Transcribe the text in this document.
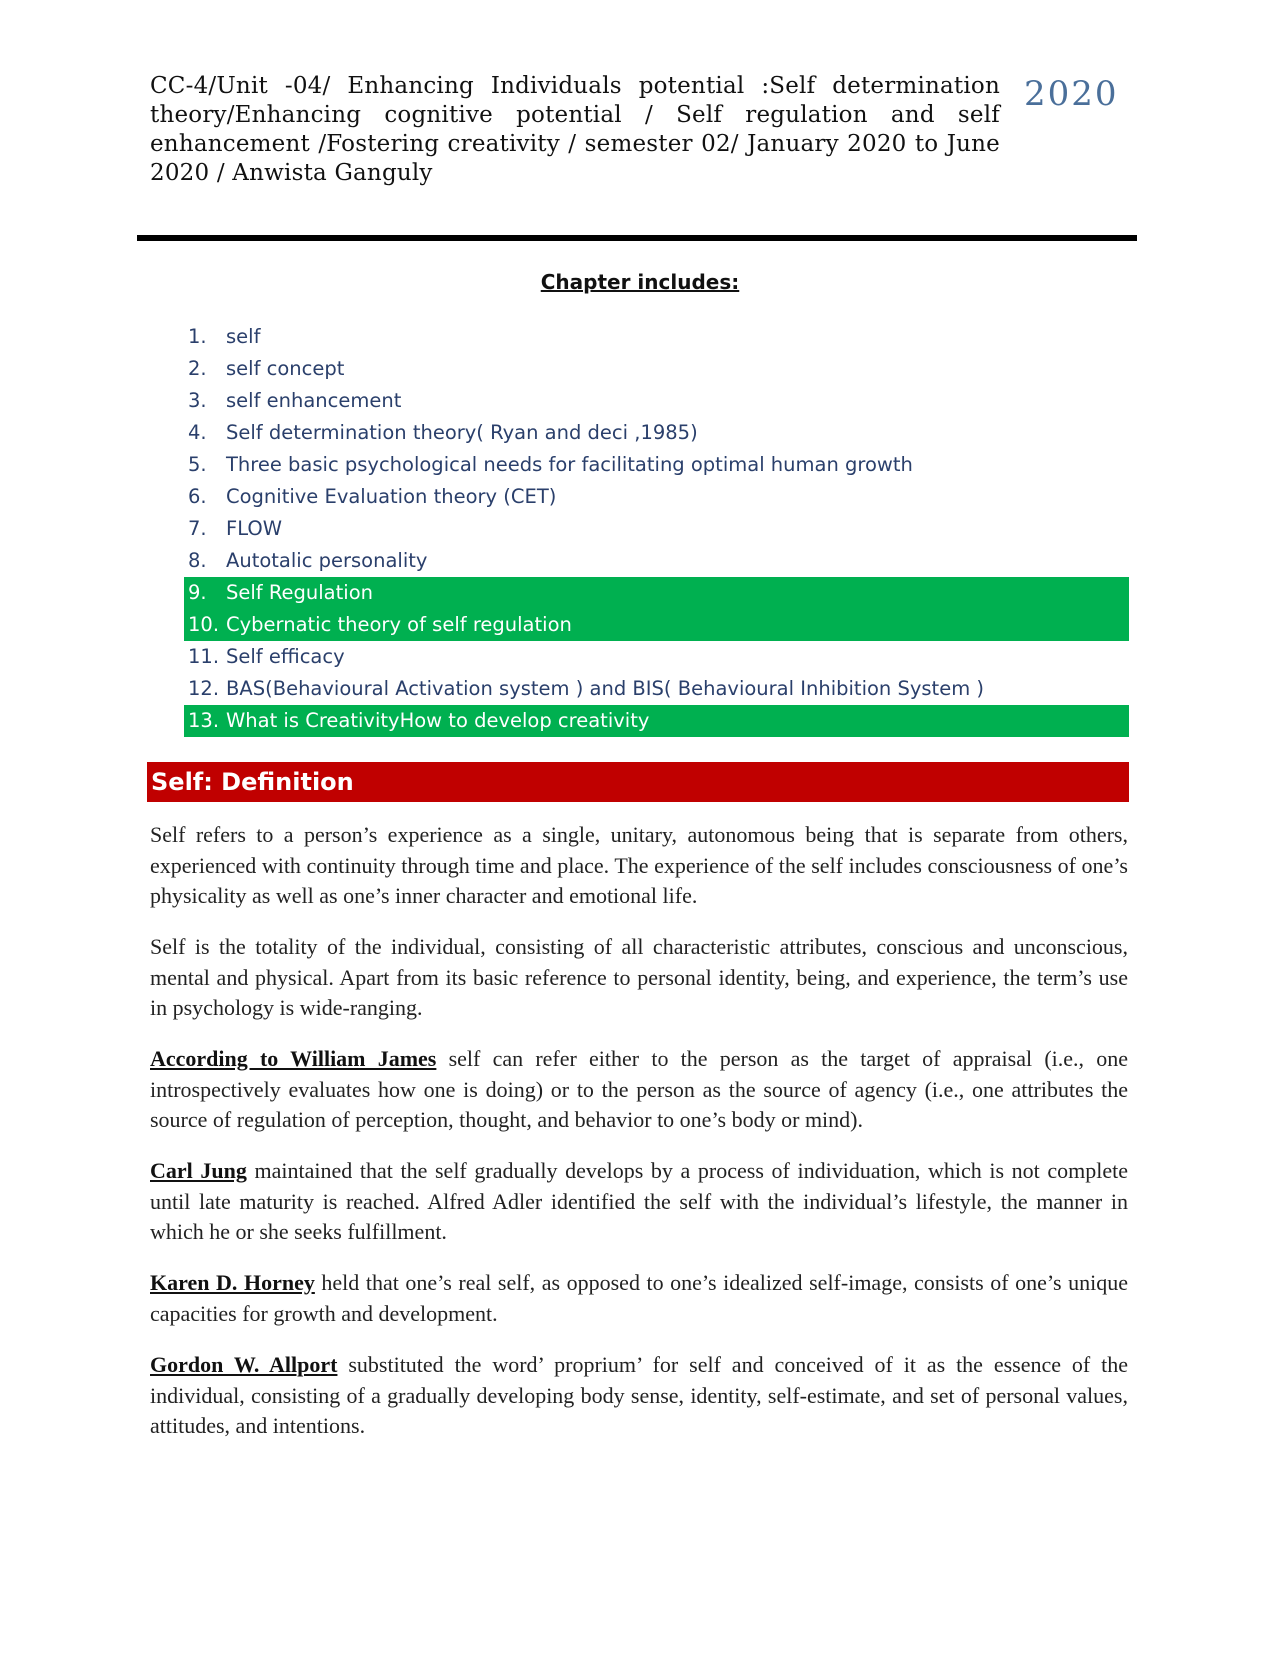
CC-4/Unit -04/ Enhancing Individuals potential :Self determination theory/Enhancing cognitive potential / Self regulation and self enhancement /Fostering creativity / semester 02/ January 2020 to June 2020 / Anwista Ganguly
2020
Chapter includes:
1. self
2. self concept
3. self enhancement
4. Self determination theory( Ryan and deci ,1985)
5. Three basic psychological needs for facilitating optimal human growth
6. Cognitive Evaluation theory (CET)
7. FLOW
8. Autotalic personality
9. Self Regulation
10. Cybernatic theory of self regulation
11. Self efficacy
12. BAS(Behavioural Activation system ) and BIS( Behavioural Inhibition System )
13. What is CreativityHow to develop creativity
Self: Definition

Self refers to a person’s experience as a single, unitary, autonomous being that is separate from others, experienced with continuity through time and place. The experience of the self includes consciousness of one’s physicality as well as one’s inner character and emotional life.

Self is the totality of the individual, consisting of all characteristic attributes, conscious and unconscious, mental and physical. Apart from its basic reference to personal identity, being, and experience, the term’s use in psychology is wide-ranging.

According to William James self can refer either to the person as the target of appraisal (i.e., one introspectively evaluates how one is doing) or to the person as the source of agency (i.e., one attributes the source of regulation of perception, thought, and behavior to one’s body or mind).

Carl Jung maintained that the self gradually develops by a process of individuation, which is not complete until late maturity is reached. Alfred Adler identified the self with the individual’s lifestyle, the manner in which he or she seeks fulfillment.

Karen D. Horney held that one’s real self, as opposed to one’s idealized self-image, consists of one’s unique capacities for growth and development.

Gordon W. Allport substituted the word’ proprium’ for self and conceived of it as the essence of the individual, consisting of a gradually developing body sense, identity, self-estimate, and set of personal values, attitudes, and intentions.
